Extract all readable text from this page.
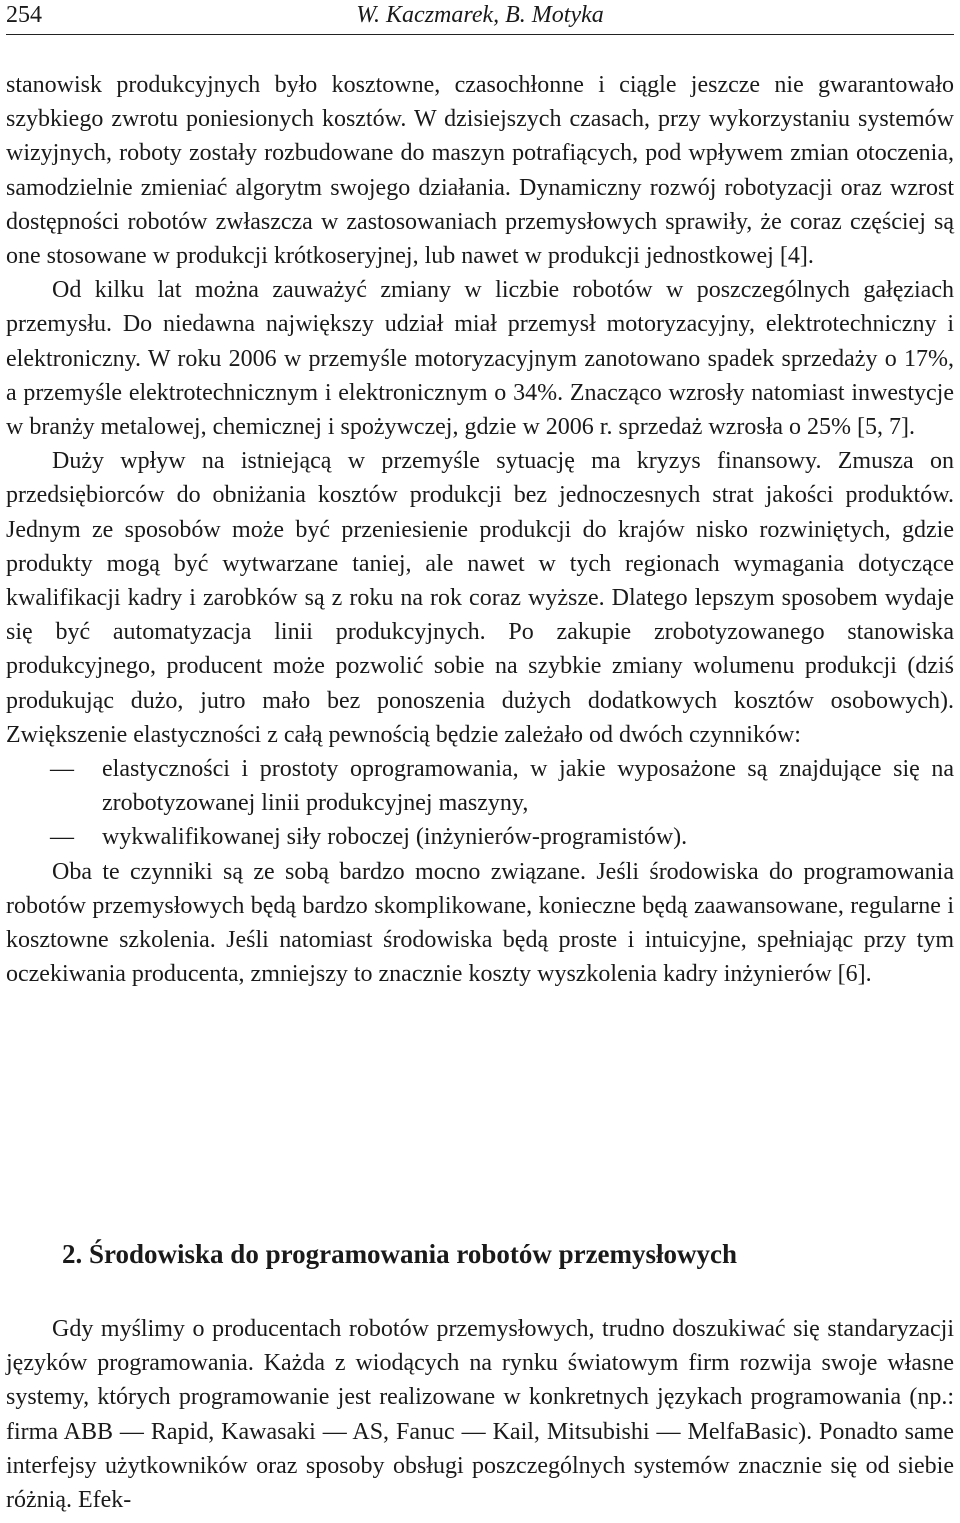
254	W. Kaczmarek, B. Motyka

stanowisk produkcyjnych było kosztowne, czasochłonne i ciągle jeszcze nie gwarantowało szybkiego zwrotu poniesionych kosztów. W dzisiejszych czasach, przy wykorzystaniu systemów wizyjnych, roboty zostały rozbudowane do maszyn potrafiących, pod wpływem zmian otoczenia, samodzielnie zmieniać algorytm swojego działania. Dynamiczny rozwój robotyzacji oraz wzrost dostępności robotów zwłaszcza w zastosowaniach przemysłowych sprawiły, że coraz częściej są one stosowane w produkcji krótkoseryjnej, lub nawet w produkcji jednostkowej [4].

Od kilku lat można zauważyć zmiany w liczbie robotów w poszczególnych gałęziach przemysłu. Do niedawna największy udział miał przemysł motoryzacyjny, elektrotechniczny i elektroniczny. W roku 2006 w przemyśle motoryzacyjnym zanotowano spadek sprzedaży o 17%, a przemyśle elektrotechnicznym i elektronicznym o 34%. Znacząco wzrosły natomiast inwestycje w branży metalowej, chemicznej i spożywczej, gdzie w 2006 r. sprzedaż wzrosła o 25% [5, 7].

Duży wpływ na istniejącą w przemyśle sytuację ma kryzys finansowy. Zmusza on przedsiębiorców do obniżania kosztów produkcji bez jednoczesnych strat jakości produktów. Jednym ze sposobów może być przeniesienie produkcji do krajów nisko rozwiniętych, gdzie produkty mogą być wytwarzane taniej, ale nawet w tych regionach wymagania dotyczące kwalifikacji kadry i zarobków są z roku na rok coraz wyższe. Dlatego lepszym sposobem wydaje się być automatyzacja linii produkcyjnych. Po zakupie zrobotyzowanego stanowiska produkcyjnego, producent może pozwolić sobie na szybkie zmiany wolumenu produkcji (dziś produkując dużo, jutro mało bez ponoszenia dużych dodatkowych kosztów osobowych). Zwiększenie elastyczności z całą pewnością będzie zależało od dwóch czynników:

— elastyczności i prostoty oprogramowania, w jakie wyposażone są znajdujące się na zrobotyzowanej linii produkcyjnej maszyny,
— wykwalifikowanej siły roboczej (inżynierów-programistów).

Oba te czynniki są ze sobą bardzo mocno związane. Jeśli środowiska do programowania robotów przemysłowych będą bardzo skomplikowane, konieczne będą zaawansowane, regularne i kosztowne szkolenia. Jeśli natomiast środowiska będą proste i intuicyjne, spełniając przy tym oczekiwania producenta, zmniejszy to znacznie koszty wyszkolenia kadry inżynierów [6].

2. Środowiska do programowania robotów przemysłowych

Gdy myślimy o producentach robotów przemysłowych, trudno doszukiwać się standaryzacji języków programowania. Każda z wiodących na rynku światowym firm rozwija swoje własne systemy, których programowanie jest realizowane w konkretnych językach programowania (np.: firma ABB — Rapid, Kawasaki — AS, Fanuc — Kail, Mitsubishi — MelfaBasic). Ponadto same interfejsy użytkowników oraz sposoby obsługi poszczególnych systemów znacznie się od siebie różnią. Efek-
